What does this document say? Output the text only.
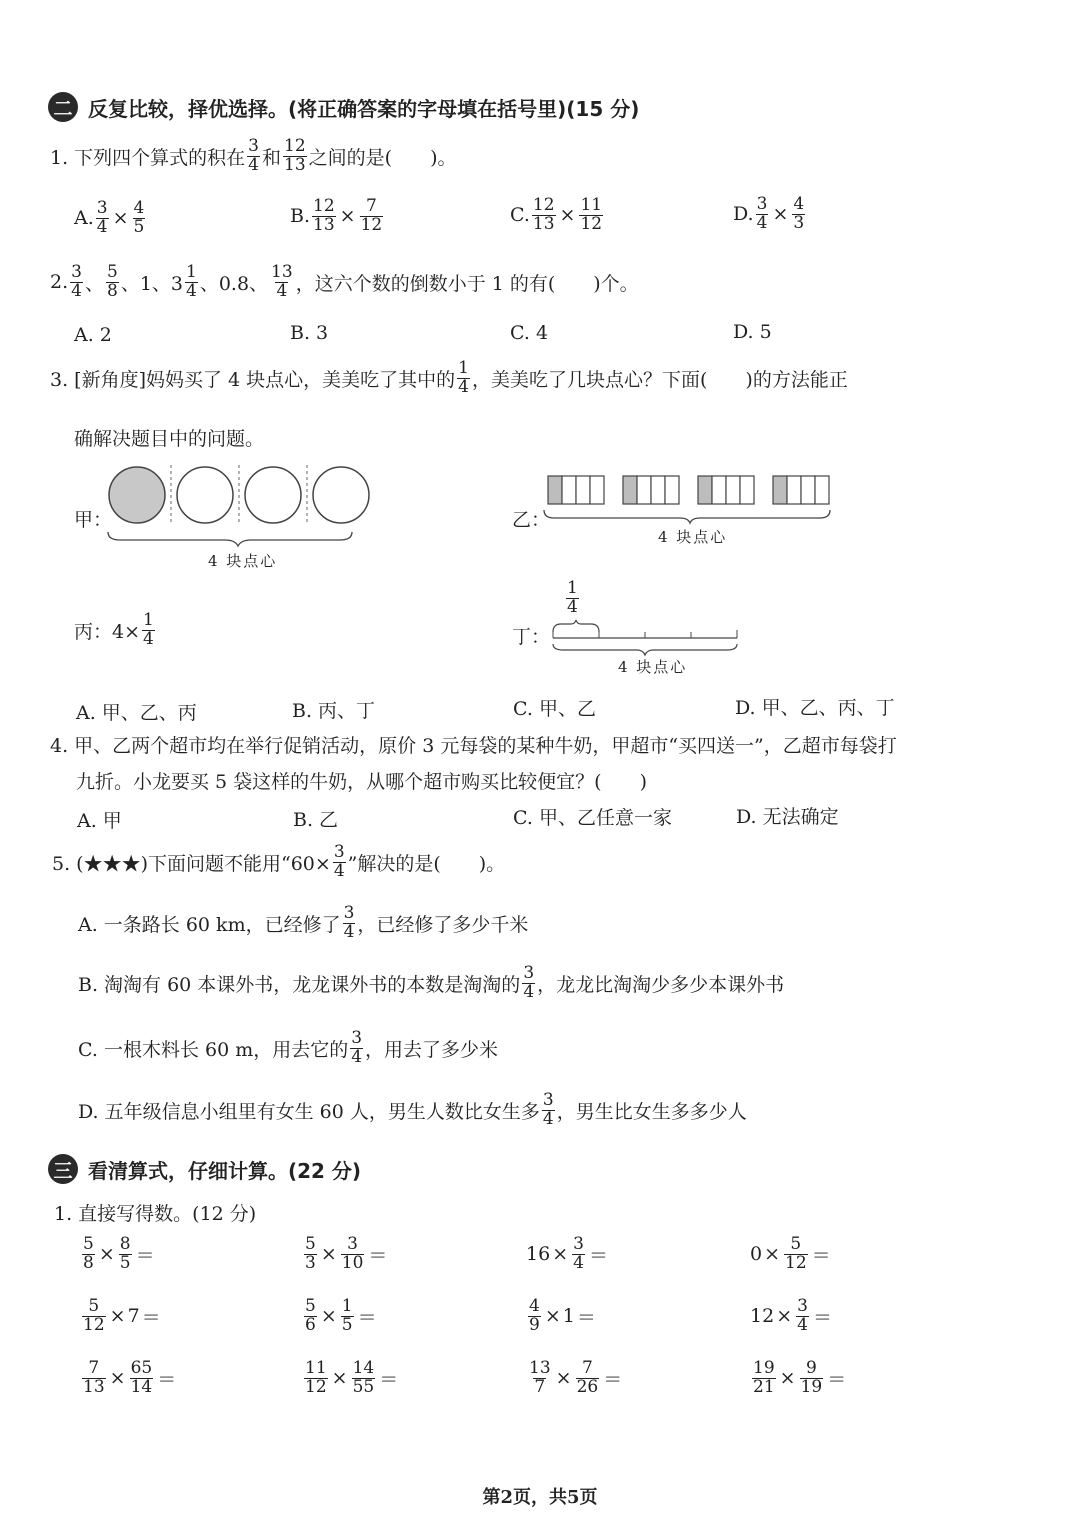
二 反复比较，择优选择。(将正确答案的字母填在括号里)(15 分)
1. 下列四个算式的积在 $\frac{3}{4}$ 和 $\frac{12}{13}$ 之间的是(　　)。
A. $\frac{3}{4} \times \frac{4}{5}$	B. $\frac{12}{13} \times \frac{7}{12}$	C. $\frac{12}{13} \times \frac{11}{12}$	D. $\frac{3}{4} \times \frac{4}{3}$
2. $\frac{3}{4}$ 、 $\frac{5}{8}$ 、1、$3 \frac{1}{4}$ 、0.8、 $\frac{13}{4}$ ，这六个数的倒数小于 1 的有(　　)个。
A. 2	B. 3	C. 4	D. 5
3. [新角度]妈妈买了 4 块点心，美美吃了其中的 $\frac{1}{4}$ ，美美吃了几块点心？下面(　　)的方法能正
确解决题目中的问题。
甲：
4 块点心
乙：
4 块点心
丙：$4\times \frac{1}{4}$	丁：
$\frac{1}{4}$
4 块点心
A. 甲、乙、丙	B. 丙、丁	C. 甲、乙	D. 甲、乙、丙、丁
4. 甲、乙两个超市均在举行促销活动，原价 3 元每袋的某种牛奶，甲超市“买四送一”，乙超市每袋打
九折。小龙要买 5 袋这样的牛奶，从哪个超市购买比较便宜？(　　)
A. 甲	B. 乙	C. 甲、乙任意一家	D. 无法确定
5. (★★★)下面问题不能用“$60\times \frac{3}{4}$ ”解决的是(　　)。
A. 一条路长 60 km，已经修了 $\frac{3}{4}$ ，已经修了多少千米
B. 淘淘有 60 本课外书，龙龙课外书的本数是淘淘的 $\frac{3}{4}$ ，龙龙比淘淘少多少本课外书
C. 一根木料长 60 m，用去它的 $\frac{3}{4}$ ，用去了多少米
D. 五年级信息小组里有女生 60 人，男生人数比女生多 $\frac{3}{4}$ ，男生比女生多多少人
三 看清算式，仔细计算。(22 分)
1. 直接写得数。(12 分)
$\frac{5}{8} \times \frac{8}{5}$ ＝	$\frac{5}{3} \times \frac{3}{10}$ ＝	$16 \times \frac{3}{4}$ ＝	$0 \times \frac{5}{12}$ ＝
$\frac{5}{12} \times 7$ ＝	$\frac{5}{6} \times \frac{1}{5}$ ＝	$\frac{4}{9} \times 1$ ＝	$12 \times \frac{3}{4}$ ＝
$\frac{7}{13} \times \frac{65}{14}$ ＝	$\frac{11}{12} \times \frac{14}{55}$ ＝	$\frac{13}{7} \times \frac{7}{26}$ ＝	$\frac{19}{21} \times \frac{9}{19}$ ＝
第2页，共5页
